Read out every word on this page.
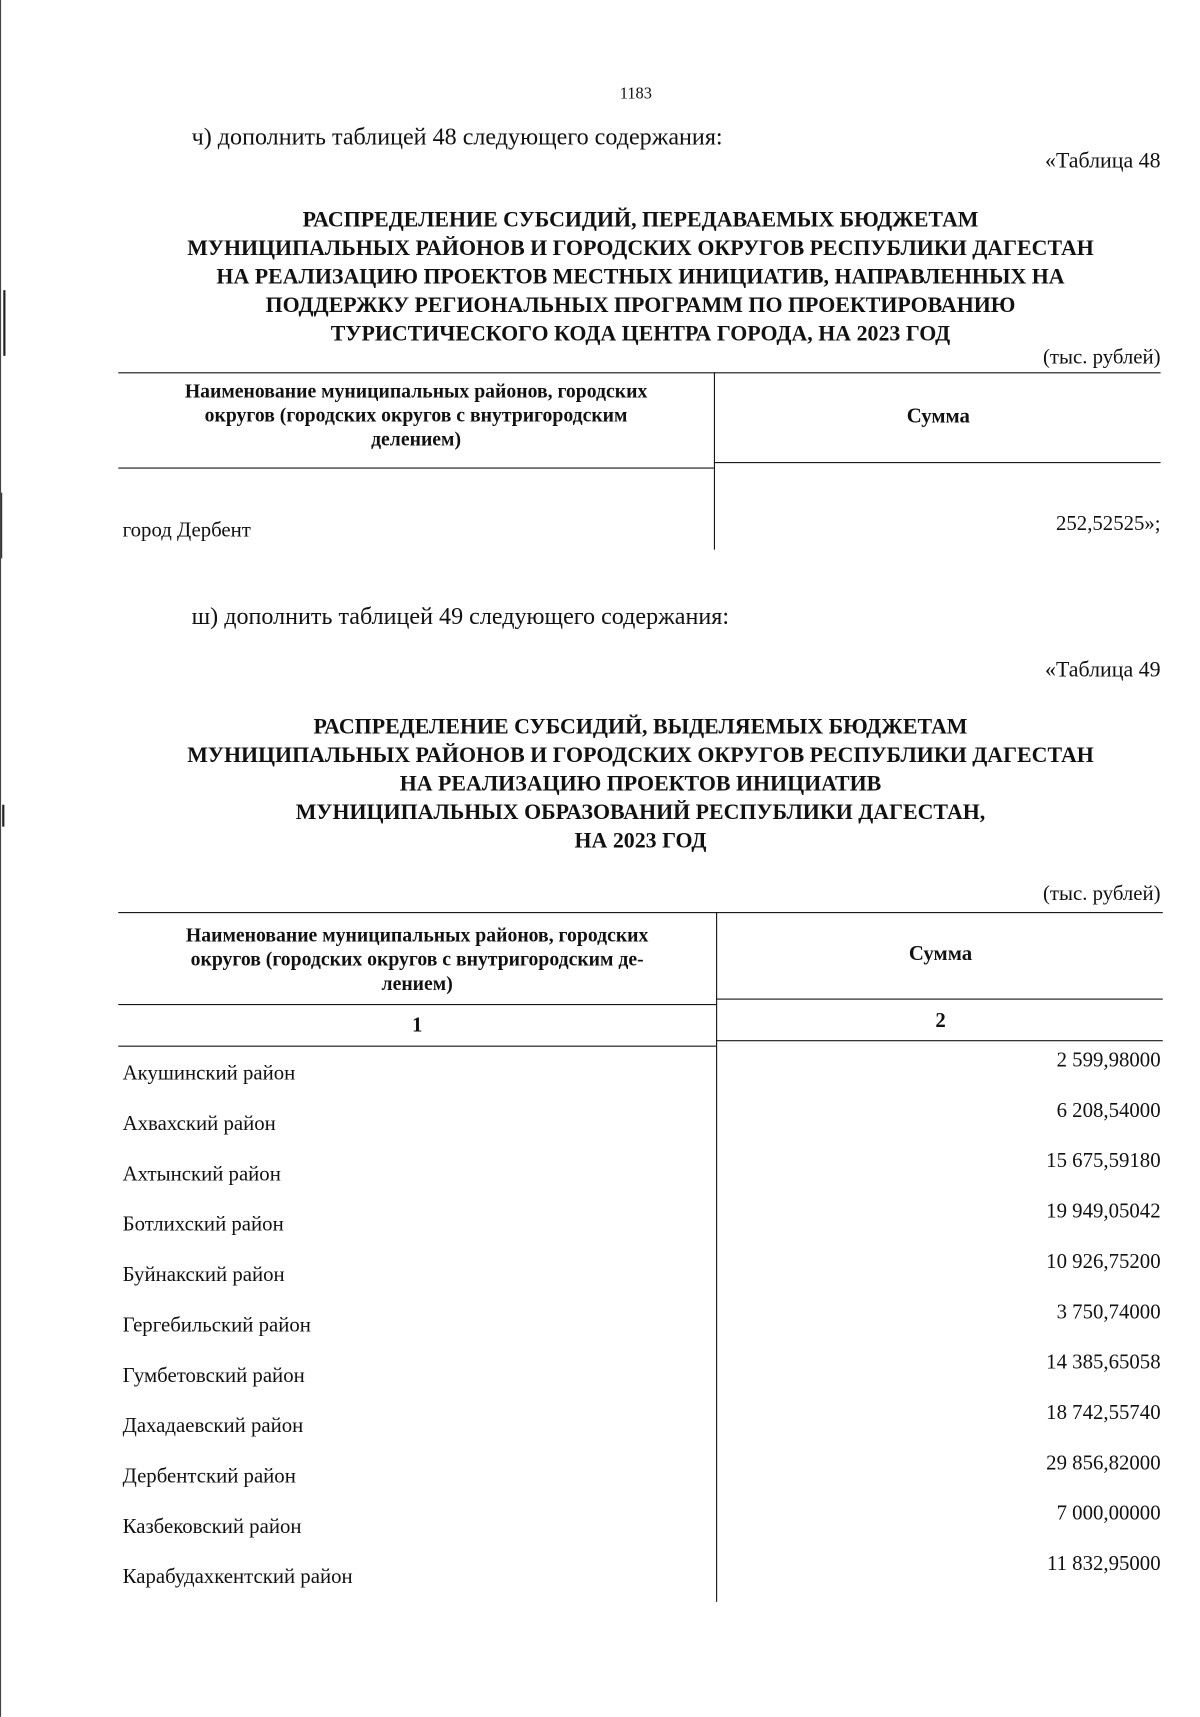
1183
ч) дополнить таблицей 48 следующего содержания:
«Таблица 48
РАСПРЕДЕЛЕНИЕ СУБСИДИЙ, ПЕРЕДАВАЕМЫХ БЮДЖЕТАМ
МУНИЦИПАЛЬНЫХ РАЙОНОВ И ГОРОДСКИХ ОКРУГОВ РЕСПУБЛИКИ ДАГЕСТАН
НА РЕАЛИЗАЦИЮ ПРОЕКТОВ МЕСТНЫХ ИНИЦИАТИВ, НАПРАВЛЕННЫХ НА
ПОДДЕРЖКУ РЕГИОНАЛЬНЫХ ПРОГРАММ ПО ПРОЕКТИРОВАНИЮ
ТУРИСТИЧЕСКОГО КОДА ЦЕНТРА ГОРОДА, НА 2023 ГОД
(тыс. рублей)
Наименование муниципальных районов, городских
округов (городских округов с внутригородским
делением)
Сумма
город Дербент	252,52525»;
ш) дополнить таблицей 49 следующего содержания:
«Таблица 49
РАСПРЕДЕЛЕНИЕ СУБСИДИЙ, ВЫДЕЛЯЕМЫХ БЮДЖЕТАМ
МУНИЦИПАЛЬНЫХ РАЙОНОВ И ГОРОДСКИХ ОКРУГОВ РЕСПУБЛИКИ ДАГЕСТАН
НА РЕАЛИЗАЦИЮ ПРОЕКТОВ ИНИЦИАТИВ
МУНИЦИПАЛЬНЫХ ОБРАЗОВАНИЙ РЕСПУБЛИКИ ДАГЕСТАН,
НА 2023 ГОД
(тыс. рублей)
Наименование муниципальных районов, городских
округов (городских округов с внутригородским де-
лением)
Сумма
1	2
Акушинский район
2 599,98000
Ахвахский район
6 208,54000
Ахтынский район
15 675,59180
Ботлихский район
19 949,05042
Буйнакский район
10 926,75200
Гергебильский район
3 750,74000
Гумбетовский район
14 385,65058
Дахадаевский район
18 742,55740
Дербентский район
29 856,82000
Казбековский район
7 000,00000
Карабудахкентский район
11 832,95000
